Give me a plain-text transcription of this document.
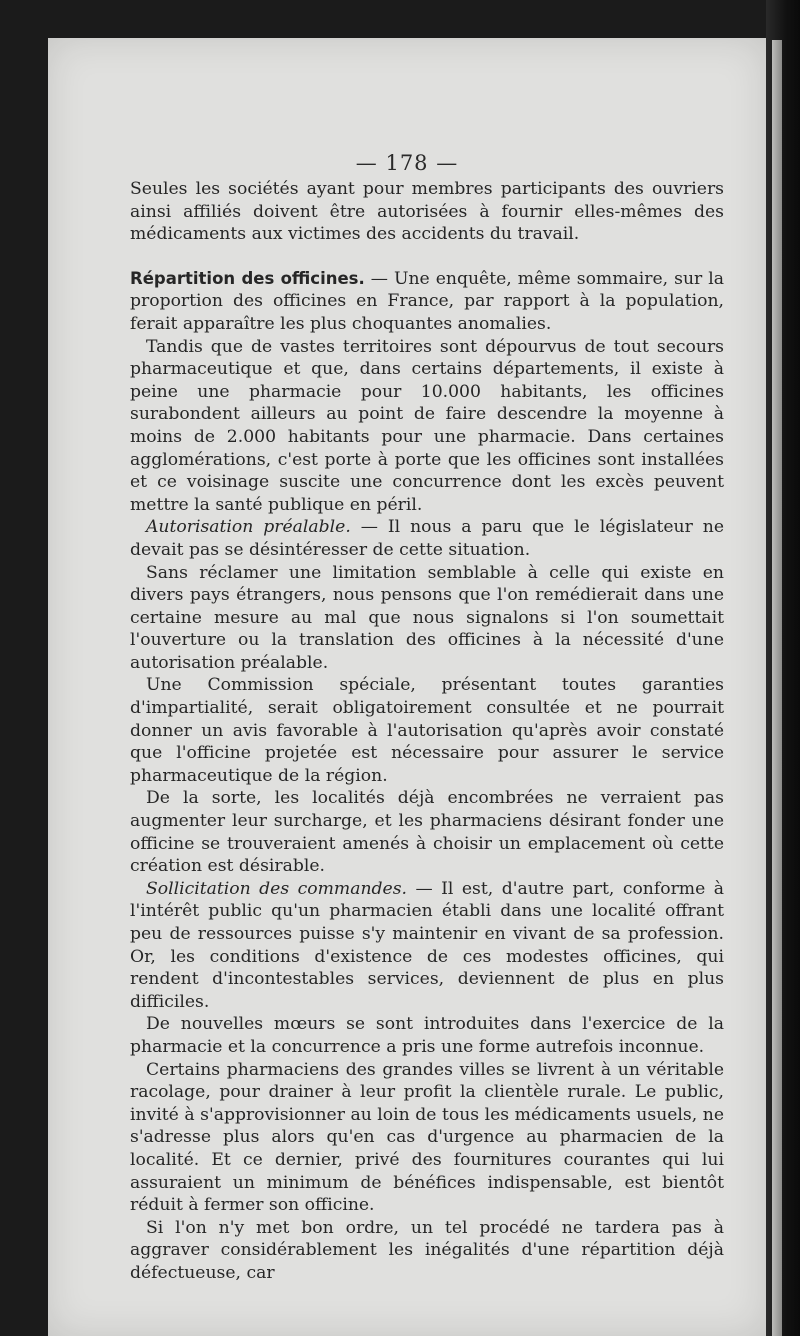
— 178 —

Seules les sociétés ayant pour membres participants des ouvriers ainsi affiliés doivent être autorisées à fournir elles-mêmes des médicaments aux victimes des accidents du travail.

Répartition des officines. — Une enquête, même sommaire, sur la proportion des officines en France, par rapport à la population, ferait apparaître les plus choquantes anomalies.

Tandis que de vastes territoires sont dépourvus de tout secours pharmaceutique et que, dans certains départements, il existe à peine une pharmacie pour 10.000 habitants, les officines surabondent ailleurs au point de faire descendre la moyenne à moins de 2.000 habitants pour une pharmacie. Dans certaines agglomérations, c'est porte à porte que les officines sont installées et ce voisinage suscite une concurrence dont les excès peuvent mettre la santé publique en péril.

Autorisation préalable. — Il nous a paru que le législateur ne devait pas se désintéresser de cette situation.

Sans réclamer une limitation semblable à celle qui existe en divers pays étrangers, nous pensons que l'on remédierait dans une certaine mesure au mal que nous signalons si l'on soumettait l'ouverture ou la translation des officines à la nécessité d'une autorisation préalable.

Une Commission spéciale, présentant toutes garanties d'impartialité, serait obligatoirement consultée et ne pourrait donner un avis favorable à l'autorisation qu'après avoir constaté que l'officine projetée est nécessaire pour assurer le service pharmaceutique de la région.

De la sorte, les localités déjà encombrées ne verraient pas augmenter leur surcharge, et les pharmaciens désirant fonder une officine se trouveraient amenés à choisir un emplacement où cette création est désirable.

Sollicitation des commandes. — Il est, d'autre part, conforme à l'intérêt public qu'un pharmacien établi dans une localité offrant peu de ressources puisse s'y maintenir en vivant de sa profession. Or, les conditions d'existence de ces modestes officines, qui rendent d'incontestables services, deviennent de plus en plus difficiles.

De nouvelles mœurs se sont introduites dans l'exercice de la pharmacie et la concurrence a pris une forme autrefois inconnue.

Certains pharmaciens des grandes villes se livrent à un véritable racolage, pour drainer à leur profit la clientèle rurale. Le public, invité à s'approvisionner au loin de tous les médicaments usuels, ne s'adresse plus alors qu'en cas d'urgence au pharmacien de la localité. Et ce dernier, privé des fournitures courantes qui lui assuraient un minimum de bénéfices indispensable, est bientôt réduit à fermer son officine.

Si l'on n'y met bon ordre, un tel procédé ne tardera pas à aggraver considérablement les inégalités d'une répartition déjà défectueuse, car
